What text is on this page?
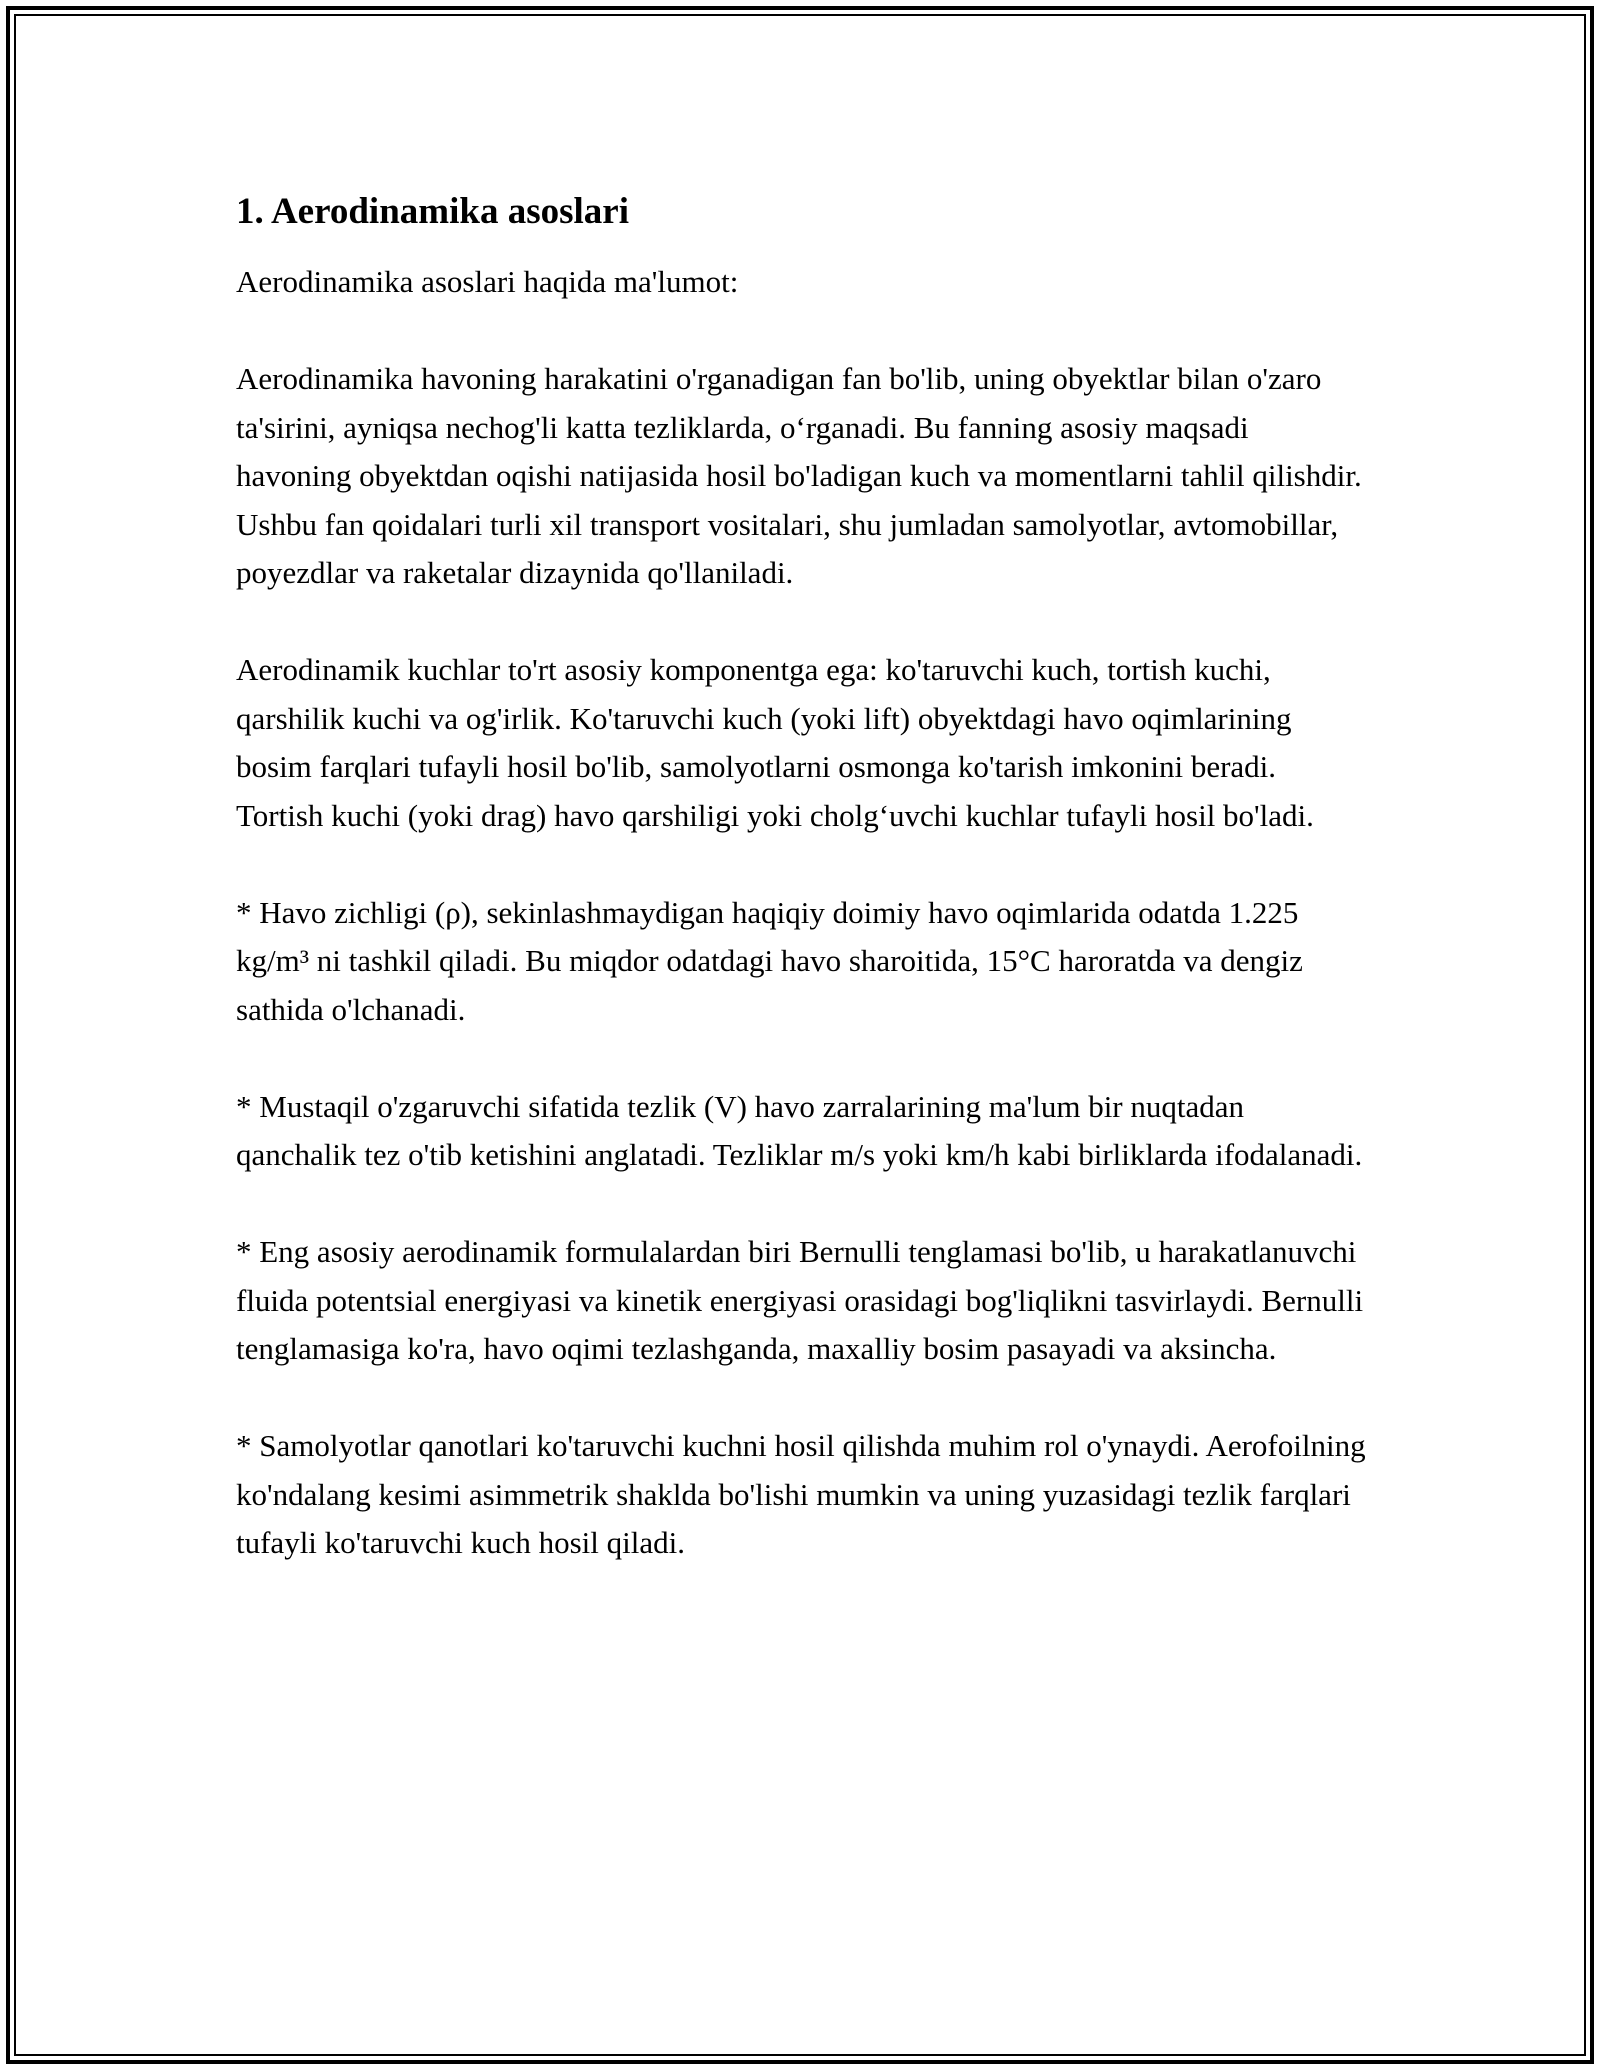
1. Aerodinamika asoslari

Aerodinamika asoslari haqida ma'lumot:

Aerodinamika havoning harakatini o'rganadigan fan bo'lib, uning obyektlar bilan o'zaro ta'sirini, ayniqsa nechog'li katta tezliklarda, o‘rganadi. Bu fanning asosiy maqsadi havoning obyektdan oqishi natijasida hosil bo'ladigan kuch va momentlarni tahlil qilishdir. Ushbu fan qoidalari turli xil transport vositalari, shu jumladan samolyotlar, avtomobillar, poyezdlar va raketalar dizaynida qo'llaniladi.

Aerodinamik kuchlar to'rt asosiy komponentga ega: ko'taruvchi kuch, tortish kuchi, qarshilik kuchi va og'irlik. Ko'taruvchi kuch (yoki lift) obyektdagi havo oqimlarining bosim farqlari tufayli hosil bo'lib, samolyotlarni osmonga ko'tarish imkonini beradi. Tortish kuchi (yoki drag) havo qarshiligi yoki cholg‘uvchi kuchlar tufayli hosil bo'ladi.

* Havo zichligi (ρ), sekinlashmaydigan haqiqiy doimiy havo oqimlarida odatda 1.225 kg/m³ ni tashkil qiladi. Bu miqdor odatdagi havo sharoitida, 15°C haroratda va dengiz sathida o'lchanadi.

* Mustaqil o'zgaruvchi sifatida tezlik (V) havo zarralarining ma'lum bir nuqtadan qanchalik tez o'tib ketishini anglatadi. Tezliklar m/s yoki km/h kabi birliklarda ifodalanadi.

* Eng asosiy aerodinamik formulalardan biri Bernulli tenglamasi bo'lib, u harakatlanuvchi fluida potentsial energiyasi va kinetik energiyasi orasidagi bog'liqlikni tasvirlaydi. Bernulli tenglamasiga ko'ra, havo oqimi tezlashganda, maxalliy bosim pasayadi va aksincha.

* Samolyotlar qanotlari ko'taruvchi kuchni hosil qilishda muhim rol o'ynaydi. Aerofoilning ko'ndalang kesimi asimmetrik shaklda bo'lishi mumkin va uning yuzasidagi tezlik farqlari tufayli ko'taruvchi kuch hosil qiladi.
